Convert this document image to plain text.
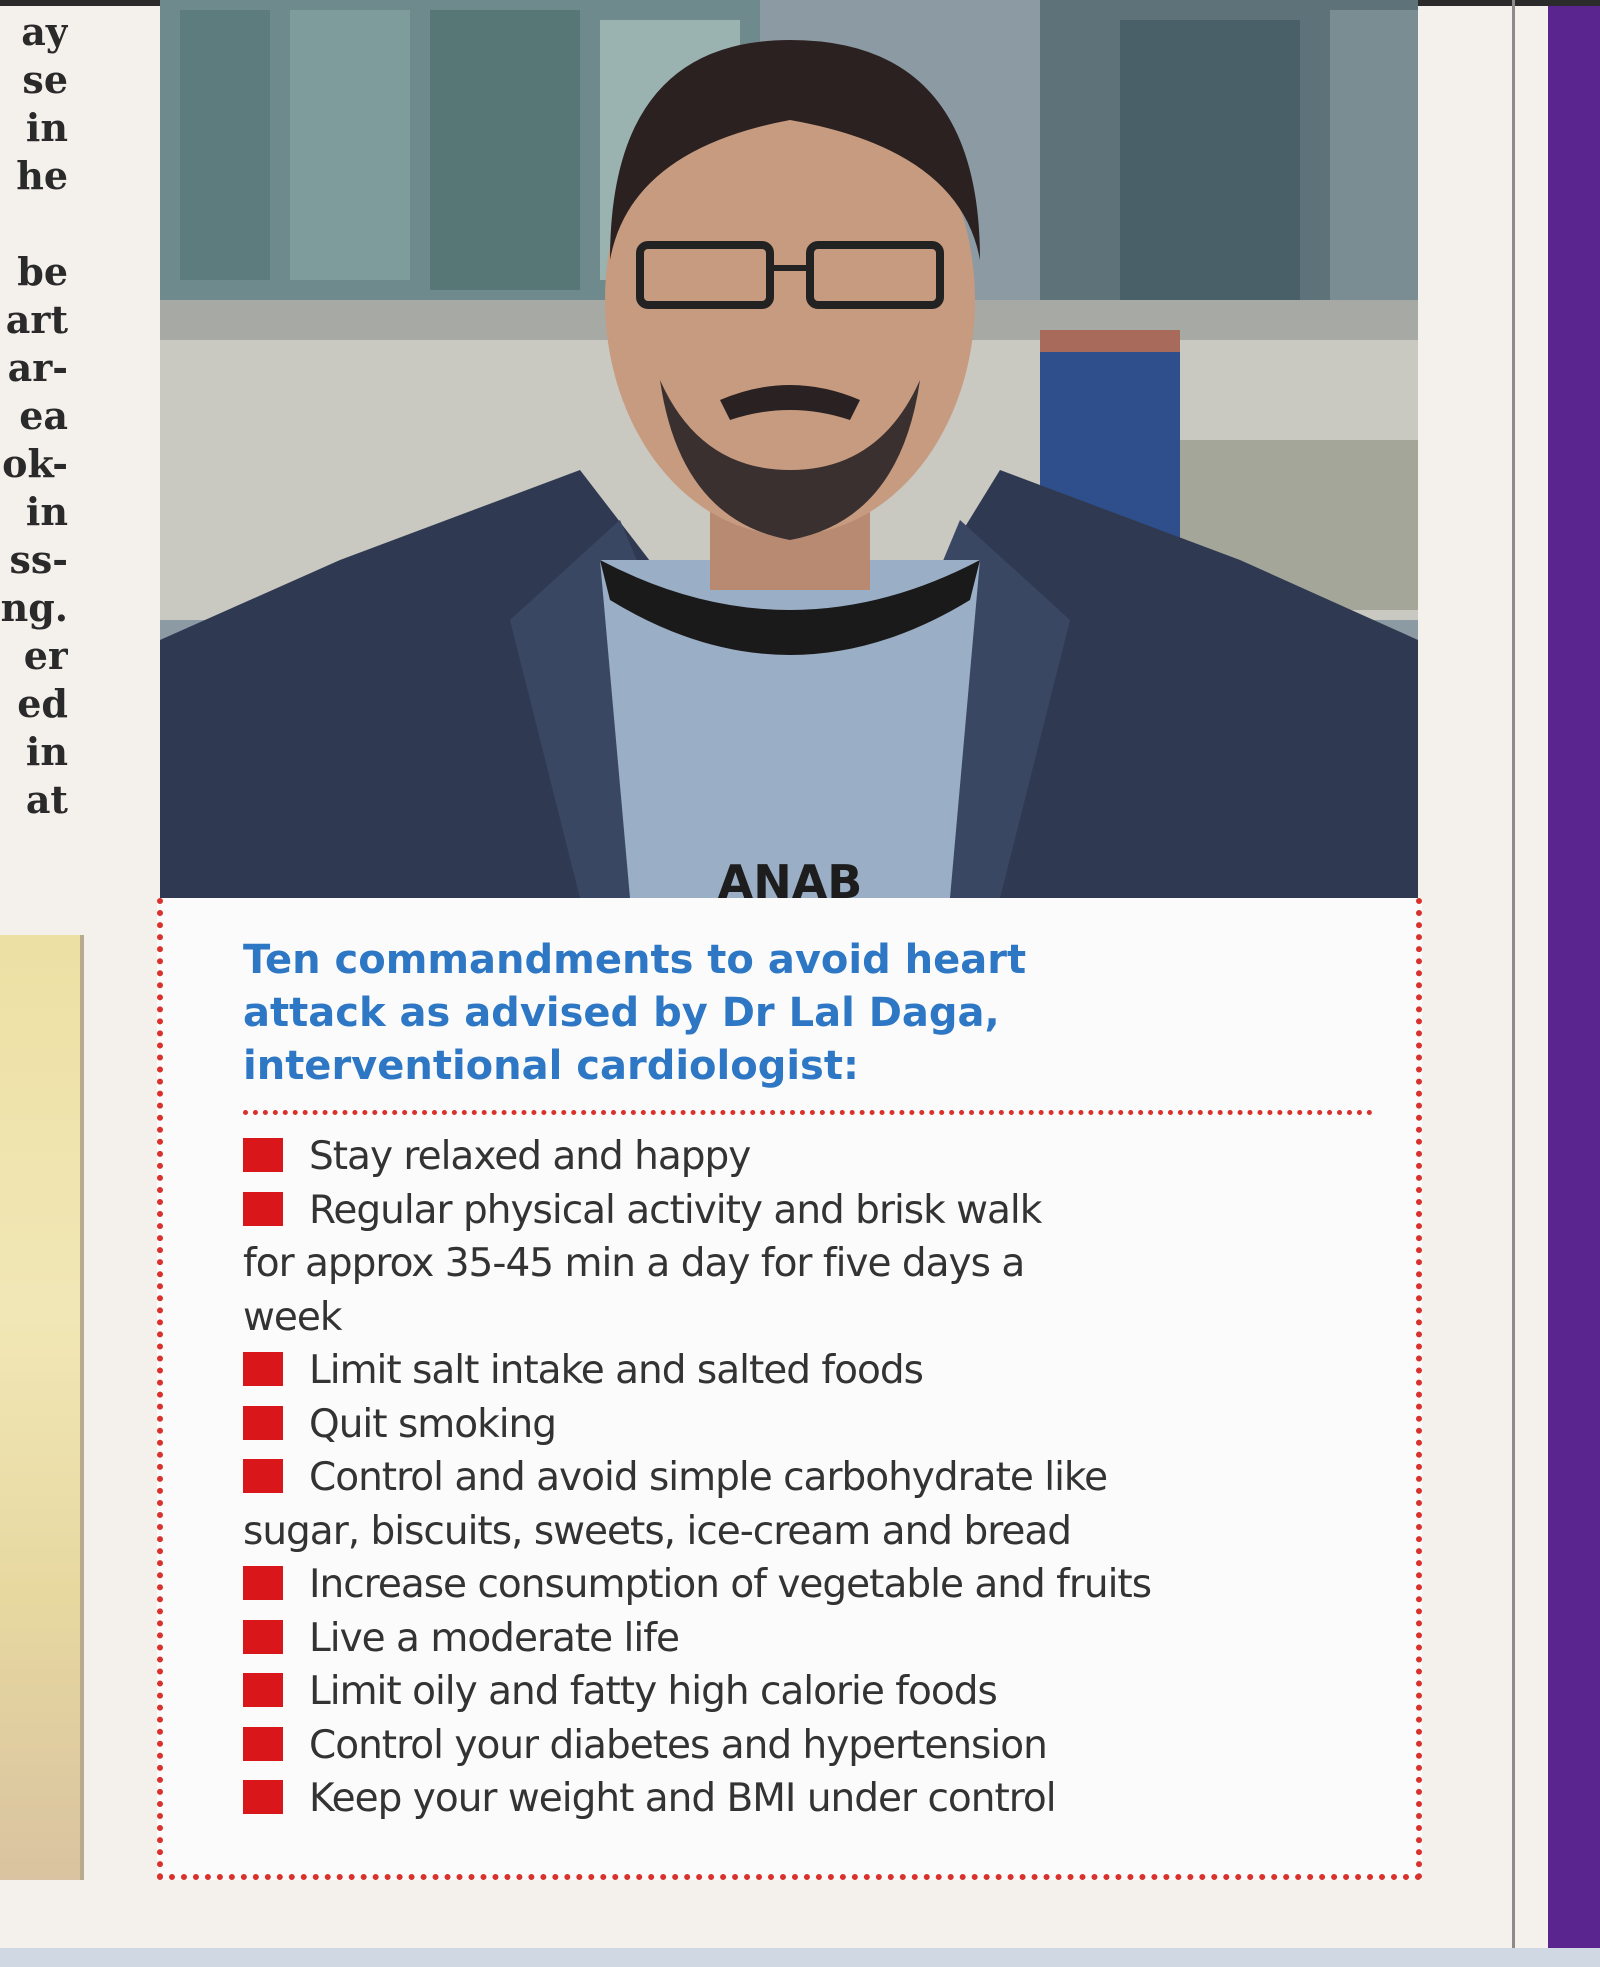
ay
se
in
he
be
art
ar-
ea
ok-
in
ss-
ng.
er
ed
in
at
ANAB
Ten commandments to avoid heart
attack as advised by Dr Lal Daga,
interventional cardiologist:
Stay relaxed and happy
Regular physical activity and brisk walk
for approx 35-45 min a day for five days a
week
Limit salt intake and salted foods
Quit smoking
Control and avoid simple carbohydrate like
sugar, biscuits, sweets, ice-cream and bread
Increase consumption of vegetable and fruits
Live a moderate life
Limit oily and fatty high calorie foods
Control your diabetes and hypertension
Keep your weight and BMI under control
